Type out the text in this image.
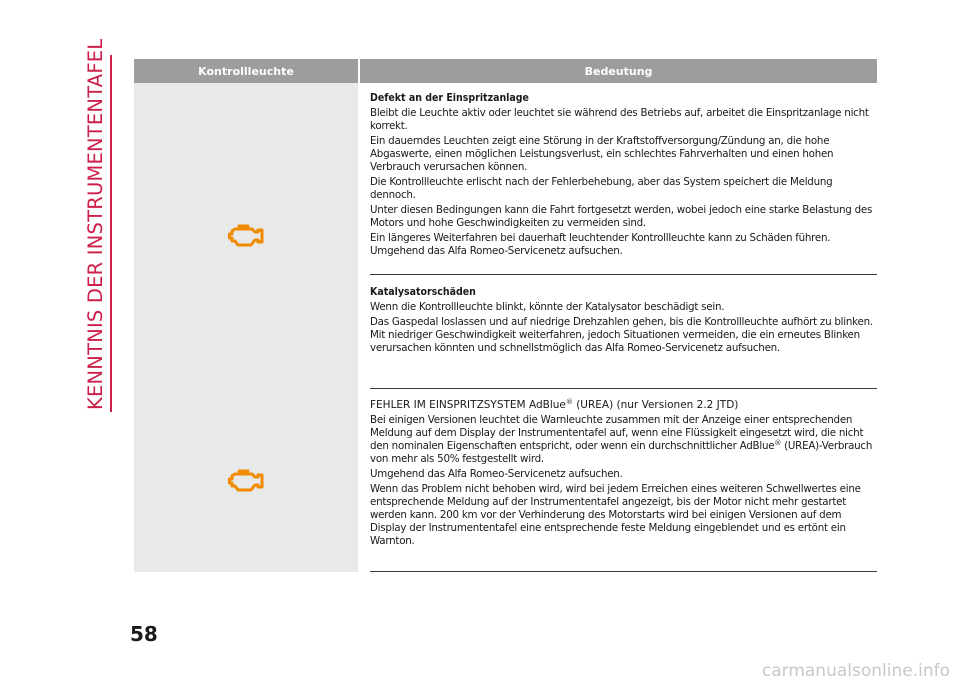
KENNTNIS DER INSTRUMENTENTAFEL	Kontrollleuchte	Bedeutung
Defekt an der Einspritzanlage

Bleibt die Leuchte aktiv oder leuchtet sie während des Betriebs auf, arbeitet die Einspritzanlage nicht korrekt.

Ein dauerndes Leuchten zeigt eine Störung in der Kraftstoffversorgung/Zündung an, die hohe Abgaswerte, einen möglichen Leistungsverlust, ein schlechtes Fahrverhalten und einen hohen Verbrauch verursachen können.

Die Kontrollleuchte erlischt nach der Fehlerbehebung, aber das System speichert die Meldung dennoch.

Unter diesen Bedingungen kann die Fahrt fortgesetzt werden, wobei jedoch eine starke Belastung des Motors und hohe Geschwindigkeiten zu vermeiden sind.

Ein längeres Weiterfahren bei dauerhaft leuchtender Kontrollleuchte kann zu Schäden führen. Umgehend das Alfa Romeo-Servicenetz aufsuchen.

Katalysatorschäden

Wenn die Kontrollleuchte blinkt, könnte der Katalysator beschädigt sein.

Das Gaspedal loslassen und auf niedrige Drehzahlen gehen, bis die Kontrollleuchte aufhört zu blinken. Mit niedriger Geschwindigkeit weiterfahren, jedoch Situationen vermeiden, die ein erneutes Blinken verursachen könnten und schnellstmöglich das Alfa Romeo-Servicenetz aufsuchen.

FEHLER IM EINSPRITZSYSTEM AdBlue® (UREA) (nur Versionen 2.2 JTD)

Bei einigen Versionen leuchtet die Warnleuchte zusammen mit der Anzeige einer entsprechenden Meldung auf dem Display der Instrumententafel auf, wenn eine Flüssigkeit eingesetzt wird, die nicht den nominalen Eigenschaften entspricht, oder wenn ein durchschnittlicher AdBlue® (UREA)-Verbrauch von mehr als 50% festgestellt wird.

Umgehend das Alfa Romeo-Servicenetz aufsuchen.

Wenn das Problem nicht behoben wird, wird bei jedem Erreichen eines weiteren Schwellwertes eine entsprechende Meldung auf der Instrumententafel angezeigt, bis der Motor nicht mehr gestartet werden kann. 200 km vor der Verhinderung des Motorstarts wird bei einigen Versionen auf dem Display der Instrumententafel eine entsprechende feste Meldung eingeblendet und es ertönt ein Warnton.

58
carmanualsonline.info
